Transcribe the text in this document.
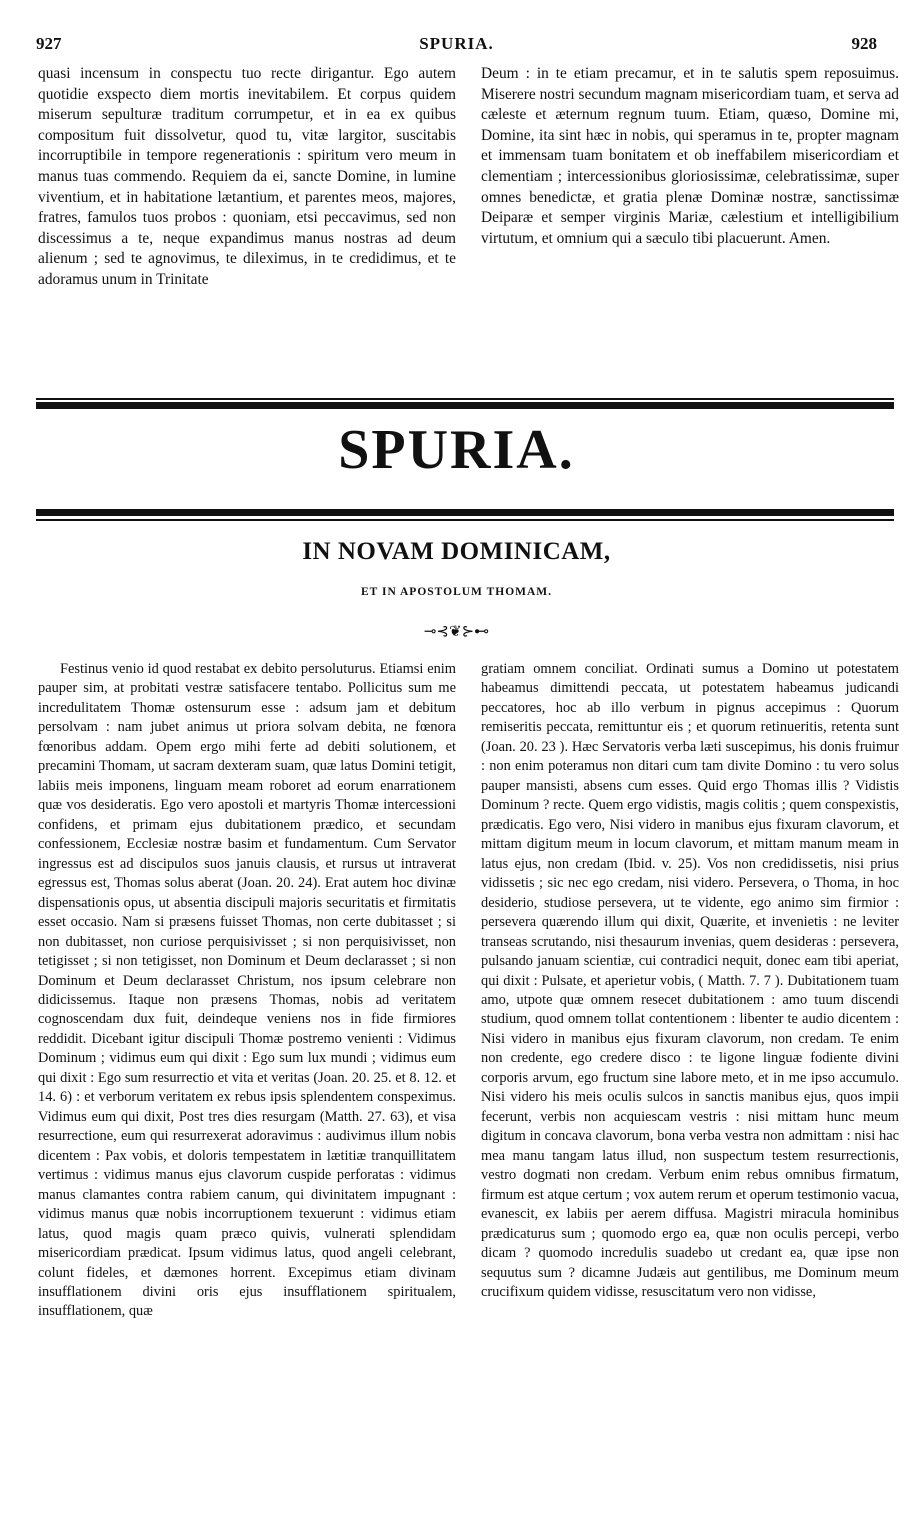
927	SPURIA.	928

quasi incensum in conspectu tuo recte dirigantur. Ego autem quotidie exspecto diem mortis inevitabilem. Et corpus quidem miserum sepulturæ traditum corrumpetur, et in ea ex quibus compositum fuit dissolvetur, quod tu, vitæ largitor, suscitabis incorruptibile in tempore regenerationis : spiritum vero meum in manus tuas commendo. Requiem da ei, sancte Domine, in lumine viventium, et in habitatione lætantium, et parentes meos, majores, fratres, famulos tuos probos : quoniam, etsi peccavimus, sed non discessimus a te, neque expandimus manus nostras ad deum alienum ; sed te agnovimus, te dileximus, in te credidimus, et te adoramus unum in Trinitate

Deum : in te etiam precamur, et in te salutis spem reposuimus. Miserere nostri secundum magnam misericordiam tuam, et serva ad cæleste et æternum regnum tuum. Etiam, quæso, Domine mi, Domine, ita sint hæc in nobis, qui speramus in te, propter magnam et immensam tuam bonitatem et ob ineffabilem misericordiam et clementiam ; intercessionibus gloriosissimæ, celebratissimæ, super omnes benedictæ, et gratia plenæ Dominæ nostræ, sanctissimæ Deiparæ et semper virginis Mariæ, cælestium et intelligibilium virtutum, et omnium qui a sæculo tibi placuerunt. Amen.

SPURIA.
IN NOVAM DOMINICAM,
ET IN APOSTOLUM THOMAM.
⊸⊰❦⊱⊷

Festinus venio id quod restabat ex debito persoluturus. Etiamsi enim pauper sim, at probitati vestræ satisfacere tentabo. Pollicitus sum me incredulitatem Thomæ ostensurum esse : adsum jam et debitum persolvam : nam jubet animus ut priora solvam debita, ne fœnora fœnoribus addam. Opem ergo mihi ferte ad debiti solutionem, et precamini Thomam, ut sacram dexteram suam, quæ latus Domini tetigit, labiis meis imponens, linguam meam roboret ad eorum enarrationem quæ vos desideratis. Ego vero apostoli et martyris Thomæ intercessioni confidens, et primam ejus dubitationem prædico, et secundam confessionem, Ecclesiæ nostræ basim et fundamentum. Cum Servator ingressus est ad discipulos suos januis clausis, et rursus ut intraverat egressus est, Thomas solus aberat (Joan. 20. 24). Erat autem hoc divinæ dispensationis opus, ut absentia discipuli majoris securitatis et firmitatis esset occasio. Nam si præsens fuisset Thomas, non certe dubitasset ; si non dubitasset, non curiose perquisivisset ; si non perquisivisset, non tetigisset ; si non tetigisset, non Dominum et Deum declarasset ; si non Dominum et Deum declarasset Christum, nos ipsum celebrare non didicissemus. Itaque non præsens Thomas, nobis ad veritatem cognoscendam dux fuit, deindeque veniens nos in fide firmiores reddidit. Dicebant igitur discipuli Thomæ postremo venienti : Vidimus Dominum ; vidimus eum qui dixit : Ego sum lux mundi ; vidimus eum qui dixit : Ego sum resurrectio et vita et veritas (Joan. 20. 25. et 8. 12. et 14. 6) : et verborum veritatem ex rebus ipsis splendentem conspeximus. Vidimus eum qui dixit, Post tres dies resurgam (Matth. 27. 63), et visa resurrectione, eum qui resurrexerat adoravimus : audivimus illum nobis dicentem : Pax vobis, et doloris tempestatem in lætitiæ tranquillitatem vertimus : vidimus manus ejus clavorum cuspide perforatas : vidimus manus clamantes contra rabiem canum, qui divinitatem impugnant : vidimus manus quæ nobis incorruptionem texuerunt : vidimus etiam latus, quod magis quam præco quivis, vulnerati splendidam misericordiam prædicat. Ipsum vidimus latus, quod angeli celebrant, colunt fideles, et dæmones horrent. Excepimus etiam divinam insufflationem divini oris ejus insufflationem spiritualem, insufflationem, quæ

gratiam omnem conciliat. Ordinati sumus a Domino ut potestatem habeamus dimittendi peccata, ut potestatem habeamus judicandi peccatores, hoc ab illo verbum in pignus accepimus : Quorum remiseritis peccata, remittuntur eis ; et quorum retinueritis, retenta sunt (Joan. 20. 23 ). Hæc Servatoris verba læti suscepimus, his donis fruimur : non enim poteramus non ditari cum tam divite Domino : tu vero solus pauper mansisti, absens cum esses. Quid ergo Thomas illis ? Vidistis Dominum ? recte. Quem ergo vidistis, magis colitis ; quem conspexistis, prædicatis. Ego vero, Nisi videro in manibus ejus fixuram clavorum, et mittam digitum meum in locum clavorum, et mittam manum meam in latus ejus, non credam (Ibid. v. 25). Vos non credidissetis, nisi prius vidissetis ; sic nec ego credam, nisi videro. Persevera, o Thoma, in hoc desiderio, studiose persevera, ut te vidente, ego animo sim firmior : persevera quærendo illum qui dixit, Quærite, et invenietis : ne leviter transeas scrutando, nisi thesaurum invenias, quem desideras : persevera, pulsando januam scientiæ, cui contradici nequit, donec eam tibi aperiat, qui dixit : Pulsate, et aperietur vobis, ( Matth. 7. 7 ). Dubitationem tuam amo, utpote quæ omnem resecet dubitationem : amo tuum discendi studium, quod omnem tollat contentionem : libenter te audio dicentem : Nisi videro in manibus ejus fixuram clavorum, non credam. Te enim non credente, ego credere disco : te ligone linguæ fodiente divini corporis arvum, ego fructum sine labore meto, et in me ipso accumulo. Nisi videro his meis oculis sulcos in sanctis manibus ejus, quos impii fecerunt, verbis non acquiescam vestris : nisi mittam hunc meum digitum in concava clavorum, bona verba vestra non admittam : nisi hac mea manu tangam latus illud, non suspectum testem resurrectionis, vestro dogmati non credam. Verbum enim rebus omnibus firmatum, firmum est atque certum ; vox autem rerum et operum testimonio vacua, evanescit, ex labiis per aerem diffusa. Magistri miracula hominibus prædicaturus sum ; quomodo ergo ea, quæ non oculis percepi, verbo dicam ? quomodo incredulis suadebo ut credant ea, quæ ipse non sequutus sum ? dicamne Judæis aut gentilibus, me Dominum meum crucifixum quidem vidisse, resuscitatum vero non vidisse,
